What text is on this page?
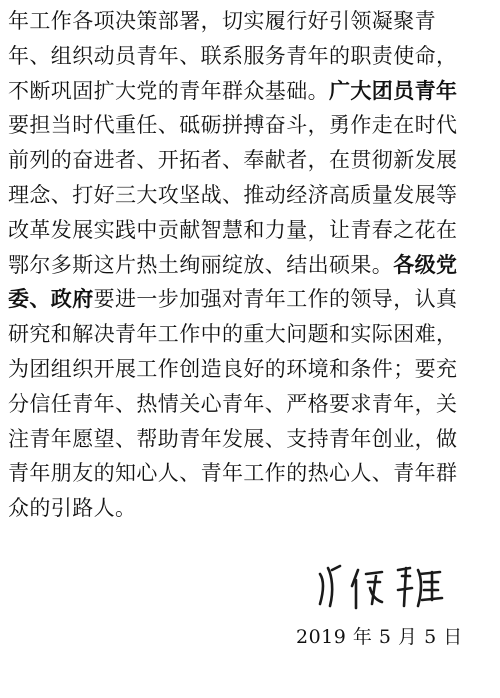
年工作各项决策部署，切实履行好引领凝聚青
年、组织动员青年、联系服务青年的职责使命，
不断巩固扩大党的青年群众基础。广大团员青年
要担当时代重任、砥砺拼搏奋斗，勇作走在时代
前列的奋进者、开拓者、奉献者，在贯彻新发展
理念、打好三大攻坚战、推动经济高质量发展等
改革发展实践中贡献智慧和力量，让青春之花在
鄂尔多斯这片热土绚丽绽放、结出硕果。各级党
委、政府要进一步加强对青年工作的领导，认真
研究和解决青年工作中的重大问题和实际困难，
为团组织开展工作创造良好的环境和条件；要充
分信任青年、热情关心青年、严格要求青年，关
注青年愿望、帮助青年发展、支持青年创业，做
青年朋友的知心人、青年工作的热心人、青年群
众的引路人。
2019 年 5 月 5 日
